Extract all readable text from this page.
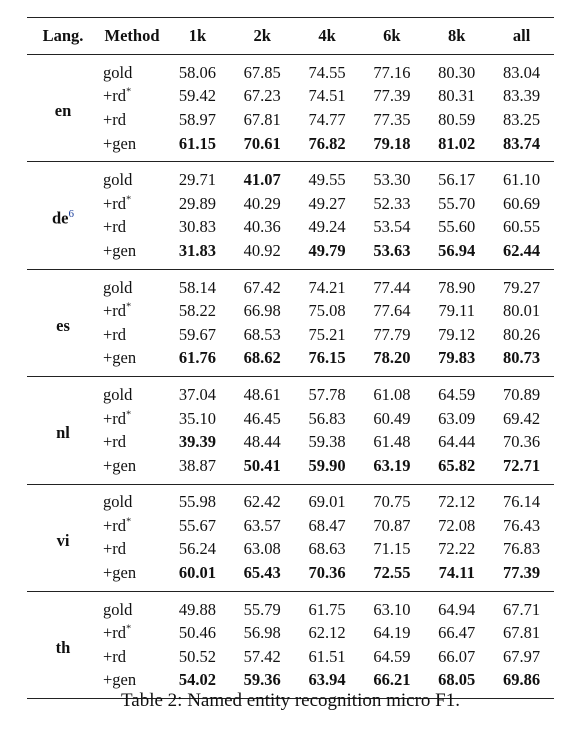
Lang.	Method	1k	2k	4k	6k	8k	all
en	gold	58.06	67.85	74.55	77.16	80.30	83.04
	+rd*	59.42	67.23	74.51	77.39	80.31	83.39
	+rd	58.97	67.81	74.77	77.35	80.59	83.25
	+gen	61.15	70.61	76.82	79.18	81.02	83.74
de$^6$	gold	29.71	41.07	49.55	53.30	56.17	61.10
	+rd*	29.89	40.29	49.27	52.33	55.70	60.69
	+rd	30.83	40.36	49.24	53.54	55.60	60.55
	+gen	31.83	40.92	49.79	53.63	56.94	62.44
es	gold	58.14	67.42	74.21	77.44	78.90	79.27
	+rd*	58.22	66.98	75.08	77.64	79.11	80.01
	+rd	59.67	68.53	75.21	77.79	79.12	80.26
	+gen	61.76	68.62	76.15	78.20	79.83	80.73
nl	gold	37.04	48.61	57.78	61.08	64.59	70.89
	+rd*	35.10	46.45	56.83	60.49	63.09	69.42
	+rd	39.39	48.44	59.38	61.48	64.44	70.36
	+gen	38.87	50.41	59.90	63.19	65.82	72.71
vi	gold	55.98	62.42	69.01	70.75	72.12	76.14
	+rd*	55.67	63.57	68.47	70.87	72.08	76.43
	+rd	56.24	63.08	68.63	71.15	72.22	76.83
	+gen	60.01	65.43	70.36	72.55	74.11	77.39
th	gold	49.88	55.79	61.75	63.10	64.94	67.71
	+rd*	50.46	56.98	62.12	64.19	66.47	67.81
	+rd	50.52	57.42	61.51	64.59	66.07	67.97
	+gen	54.02	59.36	63.94	66.21	68.05	69.86
Table 2: Named entity recognition micro F1.
